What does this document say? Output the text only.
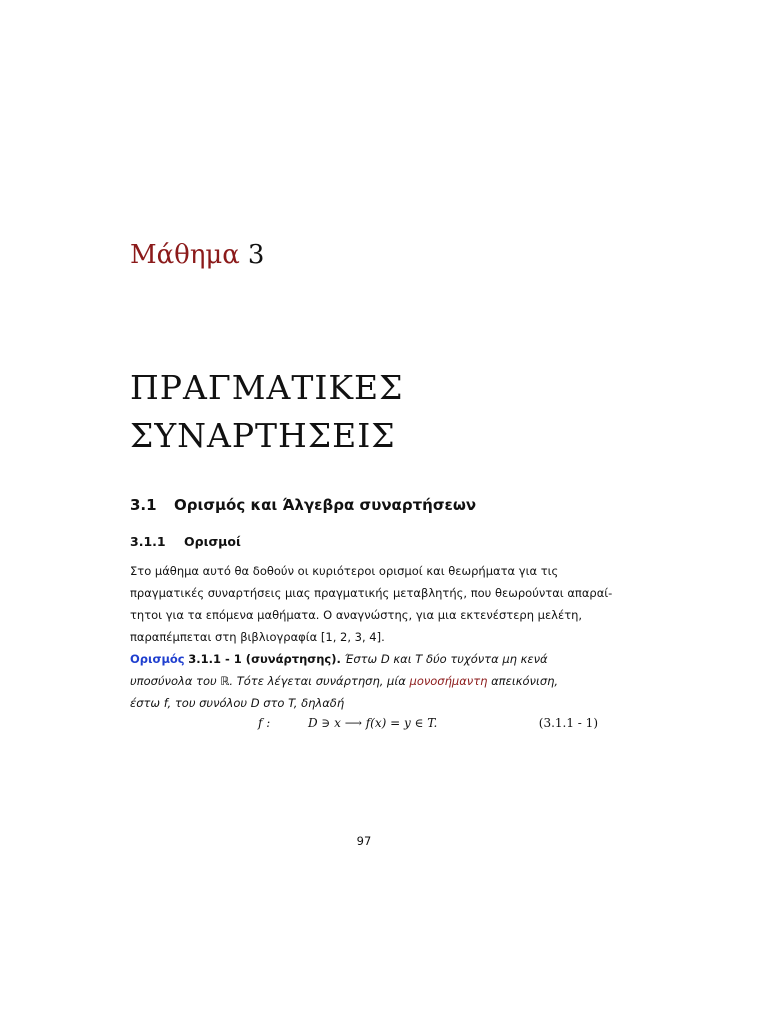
Μάθημα 3
ΠΡΑΓΜΑΤΙΚΕΣ
ΣΥΝΑΡΤΗΣΕΙΣ
3.1 Ορισμός και Άλγεβρα συναρτήσεων
3.1.1 Ορισμοί
Στο μάθημα αυτό θα δοθούν οι κυριότεροι ορισμοί και θεωρήματα για τις
πραγματικές συναρτήσεις μιας πραγματικής μεταβλητής, που θεωρούνται απαραί-
τητοι για τα επόμενα μαθήματα. Ο αναγνώστης, για μια εκτενέστερη μελέτη,
παραπέμπεται στη βιβλιογραφία [1, 2, 3, 4].
Ορισμός 3.1.1 - 1 (συνάρτησης). Έστω D και T δύο τυχόντα μη κενά
υποσύνολα του ℝ. Τότε λέγεται συνάρτηση, μία μονοσήμαντη απεικόνιση,
έστω f, του συνόλου D στο T, δηλαδή
f :	D ∋ x ⟶ f(x) = y ∈ T.	(3.1.1 - 1)
97
